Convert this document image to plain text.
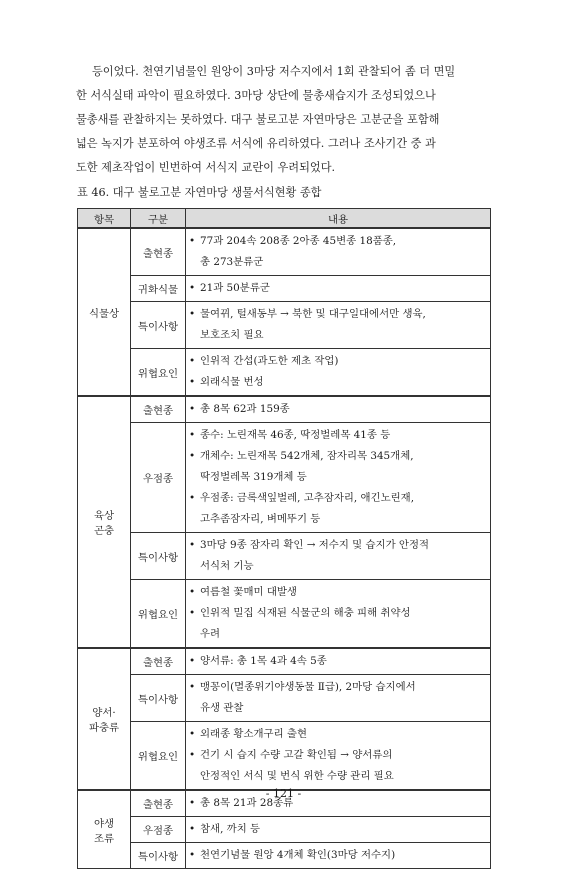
등이었다. 천연기념물인 원앙이 3마당 저수지에서 1회 관찰되어 좀 더 면밀
한 서식실태 파악이 필요하였다. 3마당 상단에 물총새습지가 조성되었으나
물총새를 관찰하지는 못하였다. 대구 불로고분 자연마당은 고분군을 포함해
넓은 녹지가 분포하여 야생조류 서식에 유리하였다. 그러나 조사기간 중 과
도한 제초작업이 빈번하여 서식지 교란이 우려되었다.
표 46. 대구 불로고분 자연마당 생물서식현황 종합
항목	구분	내용

식물상	출현종	• 77과 204속 208종 2아종 45변종 18품종,
총 273분류군

	귀화식물	• 21과 50분류군

	특이사항	• 물여뀌, 털새동부 → 북한 및 대구일대에서만 생육,
보호조치 필요

	위협요인	• 인위적 간섭(과도한 제초 작업)
• 외래식물 번성

육상
곤충	출현종	• 총 8목 62과 159종

	우점종	• 종수: 노린재목 46종, 딱정벌레목 41종 등
• 개체수: 노린재목 542개체, 잠자리목 345개체,
딱정벌레목 319개체 등
• 우점종: 금록색잎벌레, 고추잠자리, 애긴노린재,
고추좀잠자리, 벼메뚜기 등

	특이사항	• 3마당 9종 잠자리 확인 → 저수지 및 습지가 안정적
서식처 기능

	위협요인	• 여름철 꽃매미 대발생
• 인위적 밀집 식재된 식물군의 해충 피해 취약성
우려

양서·
파충류	출현종	• 양서류: 총 1목 4과 4속 5종

	특이사항	• 맹꽁이(멸종위기야생동물 Ⅱ급), 2마당 습지에서
유생 관찰

	위협요인	• 외래종 황소개구리 출현
• 건기 시 습지 수량 고갈 확인됨 → 양서류의
안정적인 서식 및 번식 위한 수량 관리 필요

야생
조류	출현종	• 총 8목 21과 28종류

	우점종	• 참새, 까치 등

	특이사항	• 천연기념물 원앙 4개체 확인(3마당 저수지)
- 121 -
